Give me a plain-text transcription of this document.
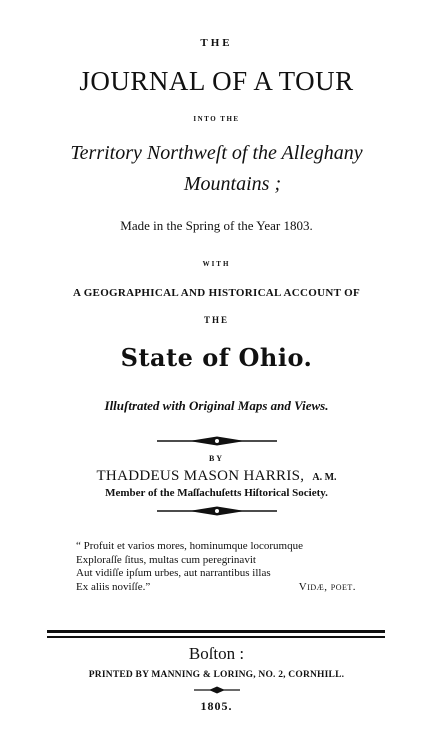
THE
JOURNAL OF A TOUR
INTO THE
Territory Northweſt of the Alleghany
Mountains ;
Made in the Spring of the Year 1803.
WITH
A GEOGRAPHICAL AND HISTORICAL ACCOUNT OF
THE
State of Ohio.
Illuſtrated with Original Maps and Views.
BY
THADDEUS MASON HARRIS, A. M.
Member of the Maſſachuſetts Hiſtorical Society.
“ Profuit et varios mores, hominumque locorumque
Exploraſſe ſitus, multas cum peregrinavit
Aut vidiſſe ipſum urbes, aut narrantibus illas
Ex aliis noviſſe.”	Vidæ, poet.
Boſton :
PRINTED BY MANNING & LORING, NO. 2, CORNHILL.
1805.
